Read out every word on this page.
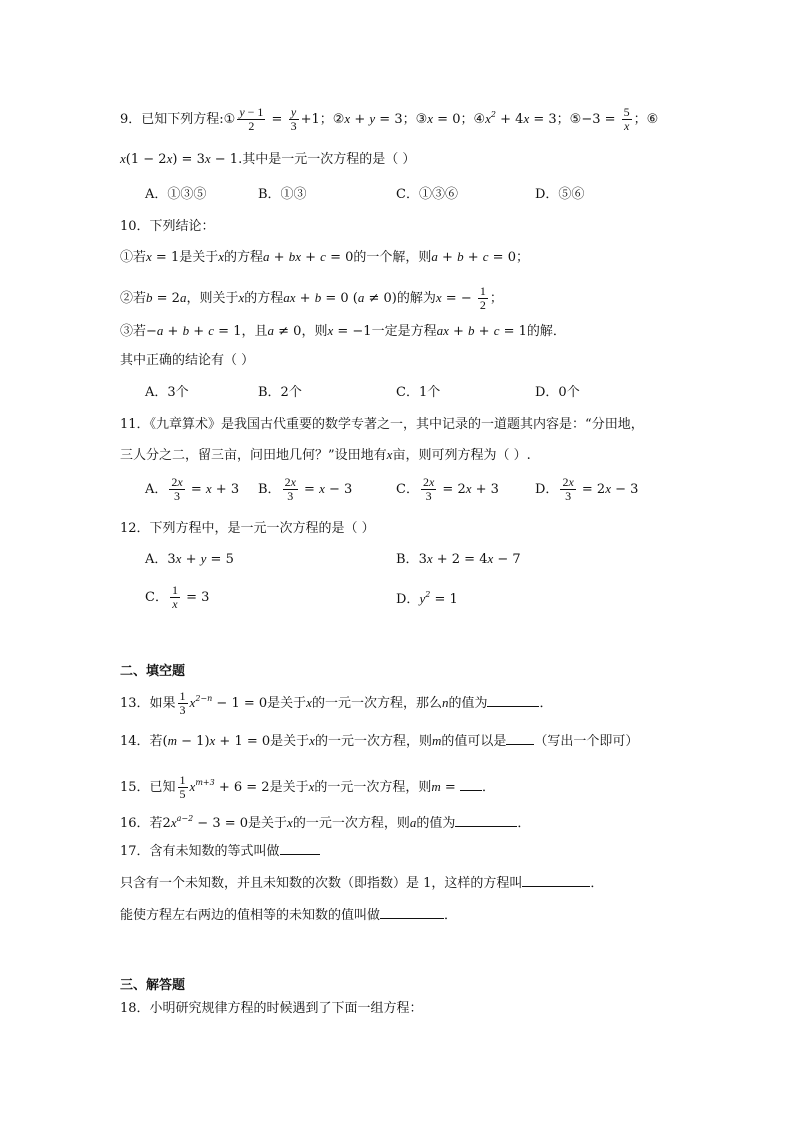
9．已知下列方程:① $\frac{y - 1}{2} = \frac{y}{3} +1$；②x + y = 3；③x = 0；$④x^2 + 4x = 3$；⑤−3 = $\frac{5}{x}$ ；⑥
x(1 − 2x) = 3x − 1.其中是一元一次方程的是（ ）
A．①③⑤	B．①③	C．①③⑥	D．⑤⑥
10．下列结论：
①若x = 1是关于x的方程a + bx + c = 0的一个解，则a + b + c = 0；
②若b = 2a，则关于x的方程ax + b = 0 (a ≠ 0)的解为x = − $\frac{1}{2}$ ；
③若−a + b + c = 1，且a ≠ 0，则x = −1一定是方程ax + b + c = 1的解．
其中正确的结论有（ ）
A．3个	B．2个	C．1个	D．0个
11．《九章算术》是我国古代重要的数学专著之一，其中记录的一道题其内容是：“分田地，
三人分之二，留三亩，问田地几何？”设田地有x亩，则可列方程为（ ）.
A． $\frac{2x}{3} = x + 3$ B． $\frac{2x}{3} = x - 3$	C． $\frac{2x}{3} = 2x + 3$	D． $\frac{2x}{3} = 2x - 3$
12．下列方程中，是一元一次方程的是（ ）
A．3x + y = 5	B．3x + 2 = 4x − 7
C． $\frac{1}{x} = 3$	D．$y^2 = 1$
二、填空题
13．如果 $\frac{1}{3} x^{2-n} - 1 = 0$是关于x的一元一次方程，那么n的值为	．
14．若(m − 1)x + 1 = 0是关于x的一元一次方程，则m的值可以是 （写出一个即可）
15．已知 $\frac{1}{5} x^{m+3} + 6 = 2$是关于x的一元一次方程，则m = ．
16．若$2x^{a-2} - 3 = 0$是关于x的一元一次方程，则a的值为	．
17．含有未知数的等式叫做
只含有一个未知数，并且未知数的次数（即指数）是 1，这样的方程叫	．
能使方程左右两边的值相等的未知数的值叫做	．
三、解答题
18．小明研究规律方程的时候遇到了下面一组方程：
